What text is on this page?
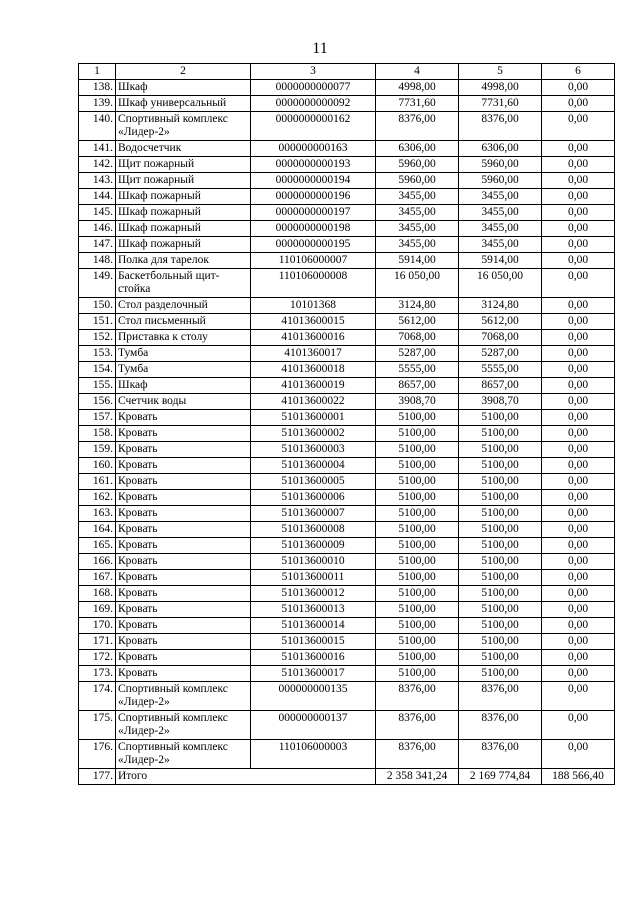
11
1	2	3	4	5	6
138.	Шкаф	0000000000077	4998,00	4998,00	0,00
139.	Шкаф универсальный	0000000000092	7731,60	7731,60	0,00
140.	Спортивный комплекс «Лидер-2»	0000000000162	8376,00	8376,00	0,00
141.	Водосчетчик	000000000163	6306,00	6306,00	0,00
142.	Щит пожарный	0000000000193	5960,00	5960,00	0,00
143.	Щит пожарный	0000000000194	5960,00	5960,00	0,00
144.	Шкаф пожарный	0000000000196	3455,00	3455,00	0,00
145.	Шкаф пожарный	0000000000197	3455,00	3455,00	0,00
146.	Шкаф пожарный	0000000000198	3455,00	3455,00	0,00
147.	Шкаф пожарный	0000000000195	3455,00	3455,00	0,00
148.	Полка для тарелок	110106000007	5914,00	5914,00	0,00
149.	Баскетбольный щит-стойка	110106000008	16 050,00	16 050,00	0,00
150.	Стол разделочный	10101368	3124,80	3124,80	0,00
151.	Стол письменный	41013600015	5612,00	5612,00	0,00
152.	Приставка к столу	41013600016	7068,00	7068,00	0,00
153.	Тумба	4101360017	5287,00	5287,00	0,00
154.	Тумба	41013600018	5555,00	5555,00	0,00
155.	Шкаф	41013600019	8657,00	8657,00	0,00
156.	Счетчик воды	41013600022	3908,70	3908,70	0,00
157.	Кровать	51013600001	5100,00	5100,00	0,00
158.	Кровать	51013600002	5100,00	5100,00	0,00
159.	Кровать	51013600003	5100,00	5100,00	0,00
160.	Кровать	51013600004	5100,00	5100,00	0,00
161.	Кровать	51013600005	5100,00	5100,00	0,00
162.	Кровать	51013600006	5100,00	5100,00	0,00
163.	Кровать	51013600007	5100,00	5100,00	0,00
164.	Кровать	51013600008	5100,00	5100,00	0,00
165.	Кровать	51013600009	5100,00	5100,00	0,00
166.	Кровать	51013600010	5100,00	5100,00	0,00
167.	Кровать	51013600011	5100,00	5100,00	0,00
168.	Кровать	51013600012	5100,00	5100,00	0,00
169.	Кровать	51013600013	5100,00	5100,00	0,00
170.	Кровать	51013600014	5100,00	5100,00	0,00
171.	Кровать	51013600015	5100,00	5100,00	0,00
172.	Кровать	51013600016	5100,00	5100,00	0,00
173.	Кровать	51013600017	5100,00	5100,00	0,00
174.	Спортивный комплекс «Лидер-2»	000000000135	8376,00	8376,00	0,00
175.	Спортивный комплекс «Лидер-2»	000000000137	8376,00	8376,00	0,00
176.	Спортивный комплекс «Лидер-2»	110106000003	8376,00	8376,00	0,00
177.	Итого		2 358 341,24	2 169 774,84	188 566,40
